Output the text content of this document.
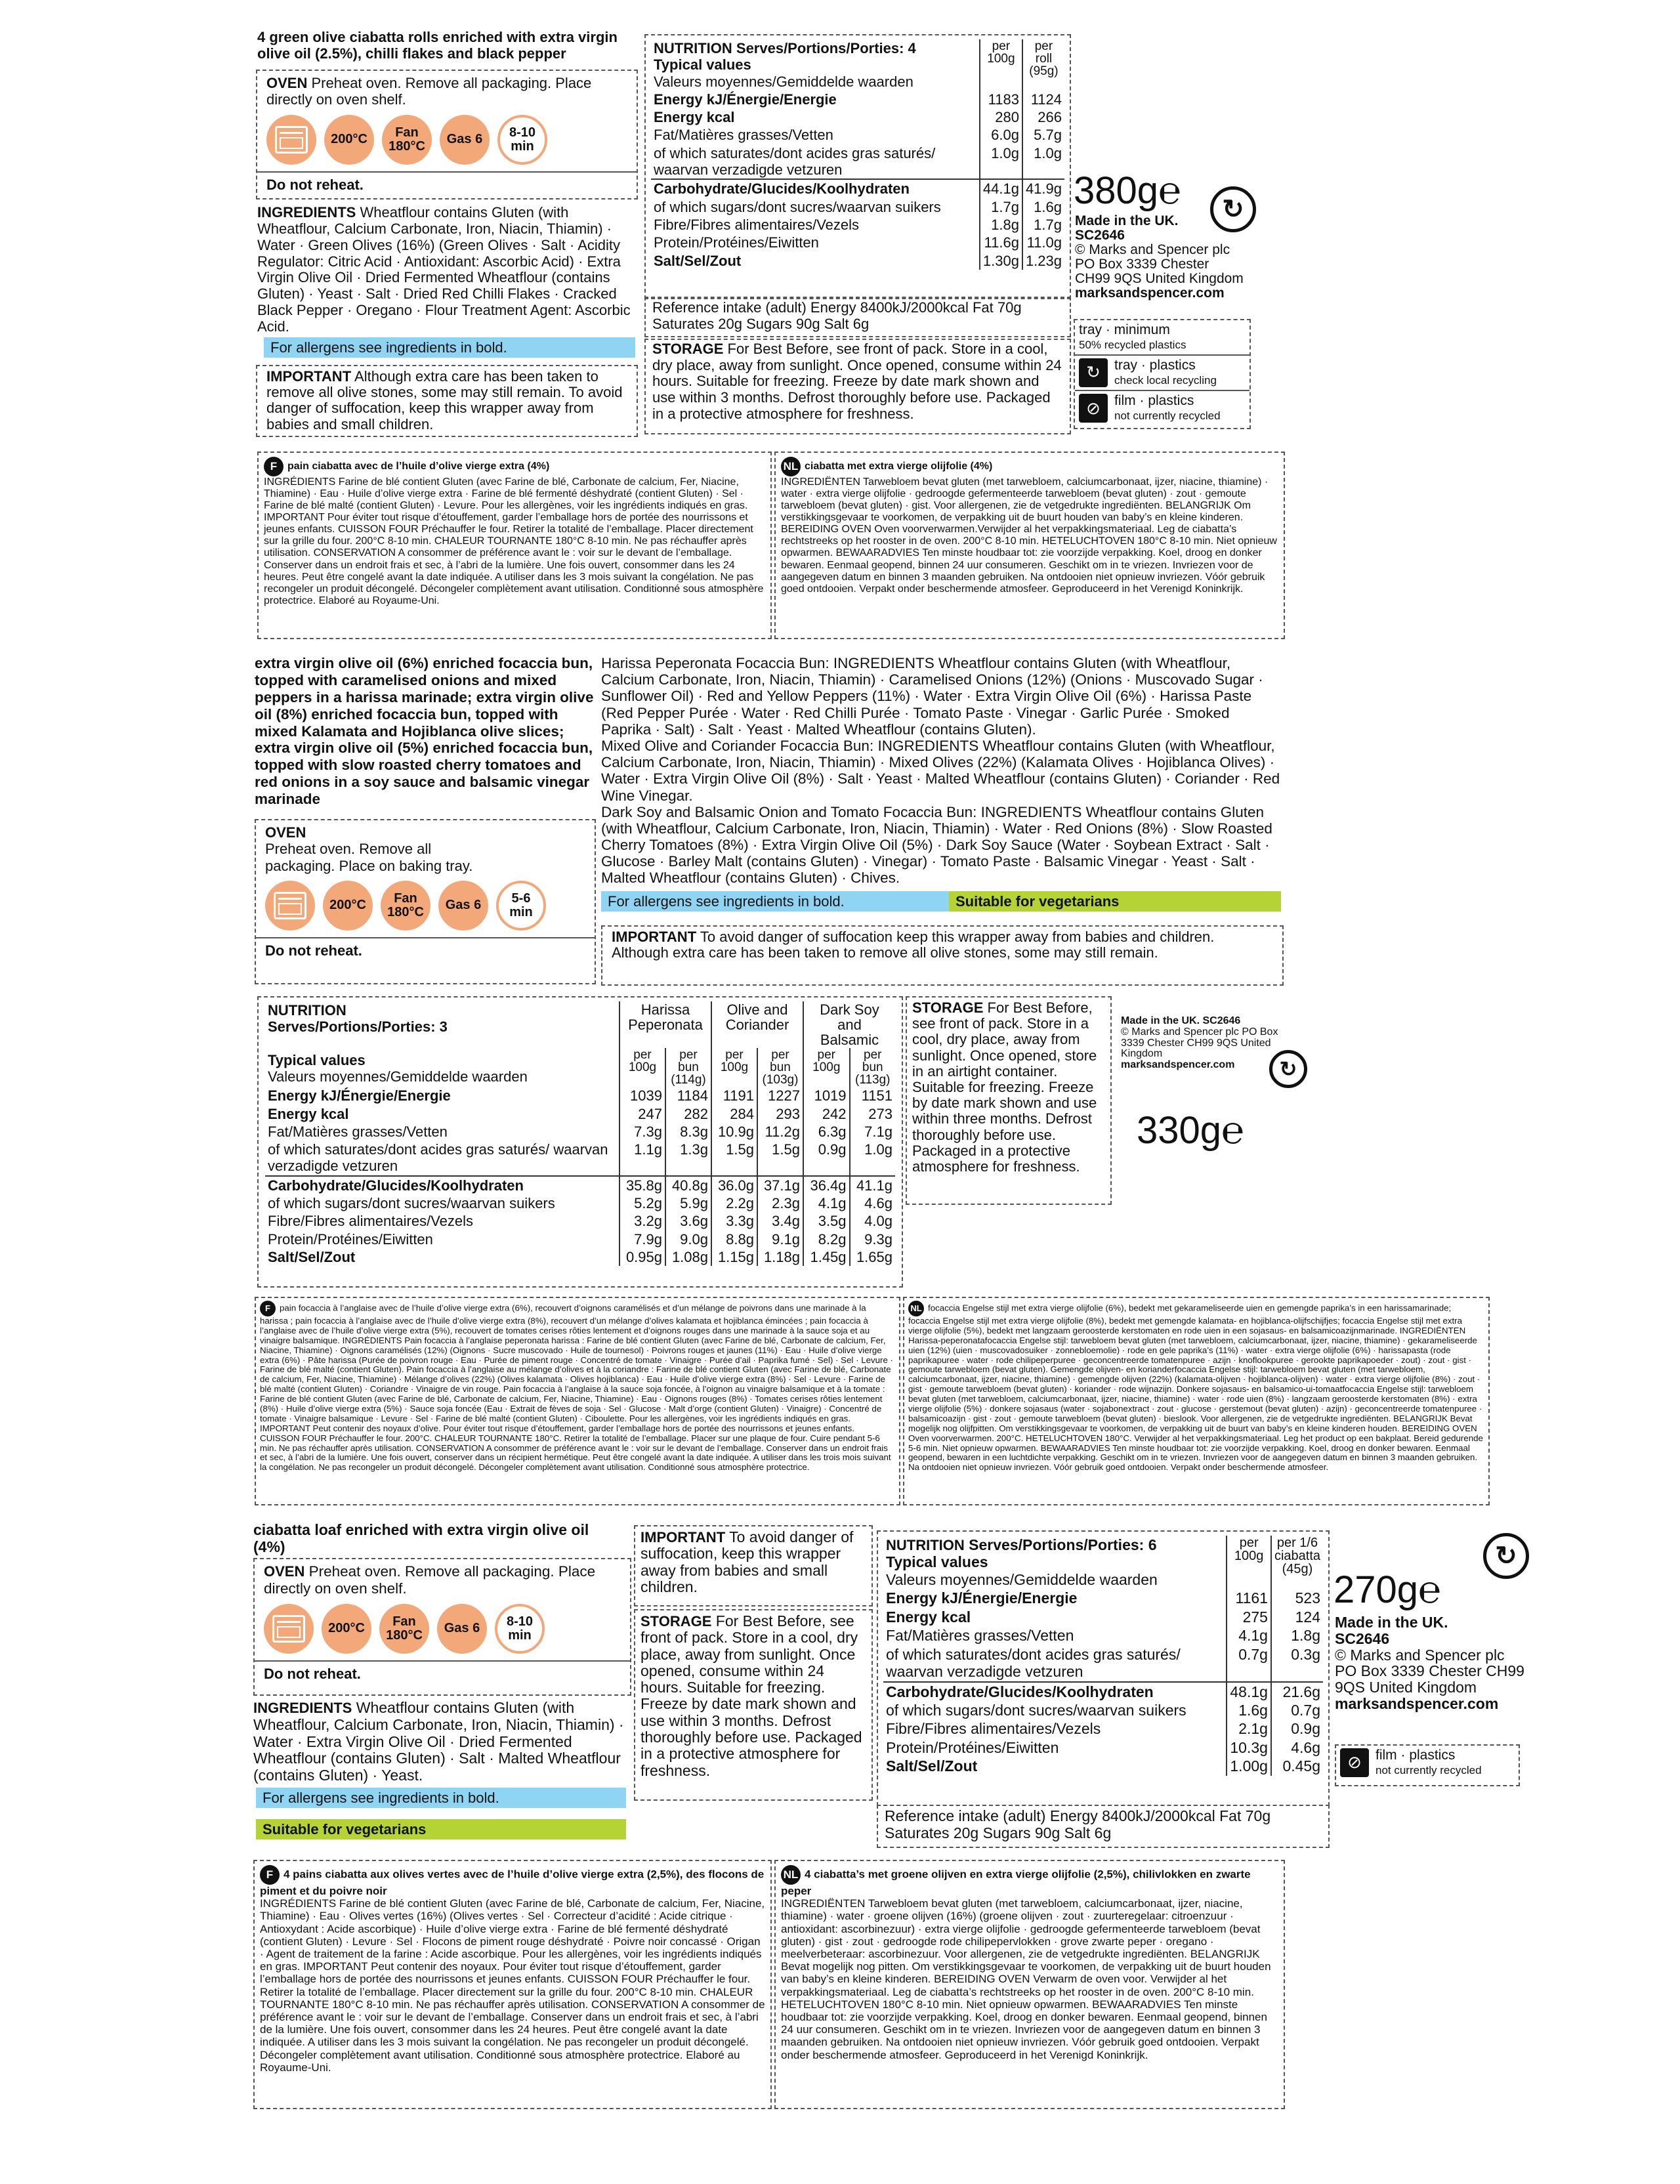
4 green olive ciabatta rolls enriched with extra virgin olive oil (2.5%), chilli flakes and black pepper
OVEN Preheat oven. Remove all packaging. Place directly on oven shelf.
200°C	Fan 180°C	Gas 6	8-10 min
Do not reheat.
INGREDIENTS Wheatflour contains Gluten (with Wheatflour, Calcium Carbonate, Iron, Niacin, Thiamin) · Water · Green Olives (16%) (Green Olives · Salt · Acidity Regulator: Citric Acid · Antioxidant: Ascorbic Acid) · Extra Virgin Olive Oil · Dried Fermented Wheatflour (contains Gluten) · Yeast · Salt · Dried Red Chilli Flakes · Cracked Black Pepper · Oregano · Flour Treatment Agent: Ascorbic Acid.
For allergens see ingredients in bold.
IMPORTANT Although extra care has been taken to remove all olive stones, some may still remain. To avoid danger of suffocation, keep this wrapper away from babies and small children.
NUTRITION Serves/Portions/Porties: 4
Typical values
Valeurs moyennes/Gemiddelde waarden	per 100g	per roll (95g)
Energy kJ/Énergie/Energie	1183	1124
Energy kcal	280	266
Fat/Matières grasses/Vetten	6.0g	5.7g
of which saturates/dont acides gras saturés/ waarvan verzadigde vetzuren	1.0g	1.0g
Carbohydrate/Glucides/Koolhydraten	44.1g	41.9g
of which sugars/dont sucres/waarvan suikers	1.7g	1.6g
Fibre/Fibres alimentaires/Vezels	1.8g	1.7g
Protein/Protéines/Eiwitten	11.6g	11.0g
Salt/Sel/Zout	1.30g	1.23g
Reference intake (adult) Energy 8400kJ/2000kcal Fat 70g Saturates 20g Sugars 90g Salt 6g
STORAGE For Best Before, see front of pack. Store in a cool, dry place, away from sunlight. Once opened, consume within 24 hours. Suitable for freezing. Freeze by date mark shown and use within 3 months. Defrost thoroughly before use. Packaged in a protective atmosphere for freshness.
380g℮	↻
Made in the UK.
SC2646
© Marks and Spencer plc PO Box 3339 Chester CH99 9QS United Kingdom
marksandspencer.com
tray · minimum
50% recycled plastics
↻	tray · plastics
check local recycling
⊘	film · plastics
not currently recycled
F pain ciabatta avec de l’huile d’olive vierge extra (4%)
INGRÉDIENTS Farine de blé contient Gluten (avec Farine de blé, Carbonate de calcium, Fer, Niacine, Thiamine) · Eau · Huile d’olive vierge extra · Farine de blé fermenté déshydraté (contient Gluten) · Sel · Farine de blé malté (contient Gluten) · Levure. Pour les allergènes, voir les ingrédients indiqués en gras. IMPORTANT Pour éviter tout risque d’étouffement, garder l’emballage hors de portée des nourrissons et jeunes enfants. CUISSON FOUR Préchauffer le four. Retirer la totalité de l’emballage. Placer directement sur la grille du four. 200°C 8-10 min. CHALEUR TOURNANTE 180°C 8-10 min. Ne pas réchauffer après utilisation. CONSERVATION A consommer de préférence avant le : voir sur le devant de l’emballage. Conserver dans un endroit frais et sec, à l’abri de la lumière. Une fois ouvert, consommer dans les 24 heures. Peut être congelé avant la date indiquée. A utiliser dans les 3 mois suivant la congélation. Ne pas recongeler un produit décongelé. Décongeler complètement avant utilisation. Conditionné sous atmosphère protectrice. Elaboré au Royaume-Uni.
NL ciabatta met extra vierge olijfolie (4%)
INGREDIËNTEN Tarwebloem bevat gluten (met tarwebloem, calciumcarbonaat, ijzer, niacine, thiamine) · water · extra vierge olijfolie · gedroogde gefermenteerde tarwebloem (bevat gluten) · zout · gemoute tarwebloem (bevat gluten) · gist. Voor allergenen, zie de vetgedrukte ingrediënten. BELANGRIJK Om verstikkingsgevaar te voorkomen, de verpakking uit de buurt houden van baby’s en kleine kinderen. BEREIDING OVEN Oven voorverwarmen.Verwijder al het verpakkingsmateriaal. Leg de ciabatta’s rechtstreeks op het rooster in de oven. 200°C 8-10 min. HETELUCHTOVEN 180°C 8-10 min. Niet opnieuw opwarmen. BEWAARADVIES Ten minste houdbaar tot: zie voorzijde verpakking. Koel, droog en donker bewaren. Eenmaal geopend, binnen 24 uur consumeren. Geschikt om in te vriezen. Invriezen voor de aangegeven datum en binnen 3 maanden gebruiken. Na ontdooien niet opnieuw invriezen. Vóór gebruik goed ontdooien. Verpakt onder beschermende atmosfeer. Geproduceerd in het Verenigd Koninkrijk.
extra virgin olive oil (6%) enriched focaccia bun, topped with caramelised onions and mixed peppers in a harissa marinade; extra virgin olive oil (8%) enriched focaccia bun, topped with mixed Kalamata and Hojiblanca olive slices; extra virgin olive oil (5%) enriched focaccia bun, topped with slow roasted cherry tomatoes and red onions in a soy sauce and balsamic vinegar marinade
OVEN
Preheat oven. Remove all packaging. Place on baking tray.
200°C	Fan 180°C	Gas 6	5-6 min
Do not reheat.
Harissa Peperonata Focaccia Bun: INGREDIENTS Wheatflour contains Gluten (with Wheatflour, Calcium Carbonate, Iron, Niacin, Thiamin) · Caramelised Onions (12%) (Onions · Muscovado Sugar · Sunflower Oil) · Red and Yellow Peppers (11%) · Water · Extra Virgin Olive Oil (6%) · Harissa Paste (Red Pepper Purée · Water · Red Chilli Purée · Tomato Paste · Vinegar · Garlic Purée · Smoked Paprika · Salt) · Salt · Yeast · Malted Wheatflour (contains Gluten).
Mixed Olive and Coriander Focaccia Bun: INGREDIENTS Wheatflour contains Gluten (with Wheatflour, Calcium Carbonate, Iron, Niacin, Thiamin) · Mixed Olives (22%) (Kalamata Olives · Hojiblanca Olives) · Water · Extra Virgin Olive Oil (8%) · Salt · Yeast · Malted Wheatflour (contains Gluten) · Coriander · Red Wine Vinegar.
Dark Soy and Balsamic Onion and Tomato Focaccia Bun: INGREDIENTS Wheatflour contains Gluten (with Wheatflour, Calcium Carbonate, Iron, Niacin, Thiamin) · Water · Red Onions (8%) · Slow Roasted Cherry Tomatoes (8%) · Extra Virgin Olive Oil (5%) · Dark Soy Sauce (Water · Soybean Extract · Salt · Glucose · Barley Malt (contains Gluten) · Vinegar) · Tomato Paste · Balsamic Vinegar · Yeast · Salt · Malted Wheatflour (contains Gluten) · Chives.
For allergens see ingredients in bold.	Suitable for vegetarians
IMPORTANT To avoid danger of suffocation keep this wrapper away from babies and children.
Although extra care has been taken to remove all olive stones, some may still remain.
NUTRITION
Serves/Portions/Porties: 3

Typical values
Valeurs moyennes/Gemiddelde waarden	Harissa Peperonata		Olive and Coriander		Dark Soy and Balsamic	
	per 100g	per bun (114g)	per 100g	per bun (103g)	per 100g	per bun (113g)
Energy kJ/Énergie/Energie	1039	1184	1191	1227	1019	1151
Energy kcal	247	282	284	293	242	273
Fat/Matières grasses/Vetten	7.3g	8.3g	10.9g	11.2g	6.3g	7.1g
of which saturates/dont acides gras saturés/ waarvan verzadigde vetzuren	1.1g	1.3g	1.5g	1.5g	0.9g	1.0g
Carbohydrate/Glucides/Koolhydraten	35.8g	40.8g	36.0g	37.1g	36.4g	41.1g
of which sugars/dont sucres/waarvan suikers	5.2g	5.9g	2.2g	2.3g	4.1g	4.6g
Fibre/Fibres alimentaires/Vezels	3.2g	3.6g	3.3g	3.4g	3.5g	4.0g
Protein/Protéines/Eiwitten	7.9g	9.0g	8.8g	9.1g	8.2g	9.3g
Salt/Sel/Zout	0.95g	1.08g	1.15g	1.18g	1.45g	1.65g
STORAGE For Best Before, see front of pack. Store in a cool, dry place, away from sunlight. Once opened, store in an airtight container. Suitable for freezing. Freeze by date mark shown and use within three months. Defrost thoroughly before use. Packaged in a protective atmosphere for freshness.
Made in the UK. SC2646
© Marks and Spencer plc PO Box 3339 Chester CH99 9QS United Kingdom
marksandspencer.com	↻
330g℮
F pain focaccia à l’anglaise avec de l’huile d’olive vierge extra (6%), recouvert d’oignons caramélisés et d’un mélange de poivrons dans une marinade à la harissa ; pain focaccia à l’anglaise avec de l’huile d’olive vierge extra (8%), recouvert d’un mélange d’olives kalamata et hojiblanca émincées ; pain focaccia à l’anglaise avec de l’huile d’olive vierge extra (5%), recouvert de tomates cerises rôties lentement et d’oignons rouges dans une marinade à la sauce soja et au vinaigre balsamique. INGRÉDIENTS Pain focaccia à l’anglaise peperonata harissa : Farine de blé contient Gluten (avec Farine de blé, Carbonate de calcium, Fer, Niacine, Thiamine) · Oignons caramélisés (12%) (Oignons · Sucre muscovado · Huile de tournesol) · Poivrons rouges et jaunes (11%) · Eau · Huile d’olive vierge extra (6%) · Pâte harissa (Purée de poivron rouge · Eau · Purée de piment rouge · Concentré de tomate · Vinaigre · Purée d’ail · Paprika fumé · Sel) · Sel · Levure · Farine de blé malté (contient Gluten). Pain focaccia à l’anglaise au mélange d’olives et à la coriandre : Farine de blé contient Gluten (avec Farine de blé, Carbonate de calcium, Fer, Niacine, Thiamine) · Mélange d’olives (22%) (Olives kalamata · Olives hojiblanca) · Eau · Huile d’olive vierge extra (8%) · Sel · Levure · Farine de blé malté (contient Gluten) · Coriandre · Vinaigre de vin rouge. Pain focaccia à l’anglaise à la sauce soja foncée, à l’oignon au vinaigre balsamique et à la tomate : Farine de blé contient Gluten (avec Farine de blé, Carbonate de calcium, Fer, Niacine, Thiamine) · Eau · Oignons rouges (8%) · Tomates cerises rôties lentement (8%) · Huile d’olive vierge extra (5%) · Sauce soja foncée (Eau · Extrait de fèves de soja · Sel · Glucose · Malt d’orge (contient Gluten) · Vinaigre) · Concentré de tomate · Vinaigre balsamique · Levure · Sel · Farine de blé malté (contient Gluten) · Ciboulette. Pour les allergènes, voir les ingrédients indiqués en gras. IMPORTANT Peut contenir des noyaux d’olive. Pour éviter tout risque d’étouffement, garder l’emballage hors de portée des nourrissons et jeunes enfants. CUISSON FOUR Préchauffer le four. 200°C. CHALEUR TOURNANTE 180°C. Retirer la totalité de l’emballage. Placer sur une plaque de four. Cuire pendant 5-6 min. Ne pas réchauffer après utilisation. CONSERVATION A consommer de préférence avant le : voir sur le devant de l’emballage. Conserver dans un endroit frais et sec, à l’abri de la lumière. Une fois ouvert, conserver dans un récipient hermétique. Peut être congelé avant la date indiquée. A utiliser dans les trois mois suivant la congélation. Ne pas recongeler un produit décongelé. Décongeler complètement avant utilisation. Conditionné sous atmosphère protectrice.
NL focaccia Engelse stijl met extra vierge olijfolie (6%), bedekt met gekarameliseerde uien en gemengde paprika’s in een harissamarinade; focaccia Engelse stijl met extra vierge olijfolie (8%), bedekt met gemengde kalamata- en hojiblanca-olijfschijfjes; focaccia Engelse stijl met extra vierge olijfolie (5%), bedekt met langzaam geroosterde kerstomaten en rode uien in een sojasaus- en balsamicoazijnmarinade. INGREDIËNTEN Harissa-peperonatafocaccia Engelse stijl: tarwebloem bevat gluten (met tarwebloem, calciumcarbonaat, ijzer, niacine, thiamine) · gekarameliseerde uien (12%) (uien · muscovadosuiker · zonnebloemolie) · rode en gele paprika’s (11%) · water · extra vierge olijfolie (6%) · harissapasta (rode paprikapuree · water · rode chilipeperpuree · geconcentreerde tomatenpuree · azijn · knoflookpuree · gerookte paprikapoeder · zout) · zout · gist · gemoute tarwebloem (bevat gluten). Gemengde olijven- en korianderfocaccia Engelse stijl: tarwebloem bevat gluten (met tarwebloem, calciumcarbonaat, ijzer, niacine, thiamine) · gemengde olijven (22%) (kalamata-olijven · hojiblanca-olijven) · water · extra vierge olijfolie (8%) · zout · gist · gemoute tarwebloem (bevat gluten) · koriander · rode wijnazijn. Donkere sojasaus- en balsamico-ui-tomaatfocaccia Engelse stijl: tarwebloem bevat gluten (met tarwebloem, calciumcarbonaat, ijzer, niacine, thiamine) · water · rode uien (8%) · langzaam geroosterde kerstomaten (8%) · extra vierge olijfolie (5%) · donkere sojasaus (water · sojabonextract · zout · glucose · gerstemout (bevat gluten) · azijn) · geconcentreerde tomatenpuree · balsamicoazijn · gist · zout · gemoute tarwebloem (bevat gluten) · bieslook. Voor allergenen, zie de vetgedrukte ingrediënten. BELANGRIJK Bevat mogelijk nog olijfpitten. Om verstikkingsgevaar te voorkomen, de verpakking uit de buurt van baby’s en kleine kinderen houden. BEREIDING OVEN Oven voorverwarmen. 200°C. HETELUCHTOVEN 180°C. Verwijder al het verpakkingsmateriaal. Leg het product op een bakplaat. Bereid gedurende 5-6 min. Niet opnieuw opwarmen. BEWAARADVIES Ten minste houdbaar tot: zie voorzijde verpakking. Koel, droog en donker bewaren. Eenmaal geopend, bewaren in een luchtdichte verpakking. Geschikt om in te vriezen. Invriezen voor de aangegeven datum en binnen 3 maanden gebruiken. Na ontdooien niet opnieuw invriezen. Vóór gebruik goed ontdooien. Verpakt onder beschermende atmosfeer.
ciabatta loaf enriched with extra virgin olive oil (4%)
OVEN Preheat oven. Remove all packaging. Place directly on oven shelf.
200°C	Fan 180°C	Gas 6	8-10 min
Do not reheat.
INGREDIENTS Wheatflour contains Gluten (with Wheatflour, Calcium Carbonate, Iron, Niacin, Thiamin) · Water · Extra Virgin Olive Oil · Dried Fermented Wheatflour (contains Gluten) · Salt · Malted Wheatflour (contains Gluten) · Yeast.
For allergens see ingredients in bold.
Suitable for vegetarians
IMPORTANT To avoid danger of suffocation, keep this wrapper away from babies and small children.
STORAGE For Best Before, see front of pack. Store in a cool, dry place, away from sunlight. Once opened, consume within 24 hours. Suitable for freezing. Freeze by date mark shown and use within 3 months. Defrost thoroughly before use. Packaged in a protective atmosphere for freshness.
NUTRITION Serves/Portions/Porties: 6
Typical values
Valeurs moyennes/Gemiddelde waarden	per 100g	per 1/6 ciabatta (45g)
Energy kJ/Énergie/Energie	1161	523
Energy kcal	275	124
Fat/Matières grasses/Vetten	4.1g	1.8g
of which saturates/dont acides gras saturés/ waarvan verzadigde vetzuren	0.7g	0.3g
Carbohydrate/Glucides/Koolhydraten	48.1g	21.6g
of which sugars/dont sucres/waarvan suikers	1.6g	0.7g
Fibre/Fibres alimentaires/Vezels	2.1g	0.9g
Protein/Protéines/Eiwitten	10.3g	4.6g
Salt/Sel/Zout	1.00g	0.45g
Reference intake (adult) Energy 8400kJ/2000kcal Fat 70g Saturates 20g Sugars 90g Salt 6g
↻
270g℮
Made in the UK.
SC2646
© Marks and Spencer plc PO Box 3339 Chester CH99 9QS United Kingdom
marksandspencer.com
⊘	film · plastics
not currently recycled
F 4 pains ciabatta aux olives vertes avec de l’huile d’olive vierge extra (2,5%), des flocons de piment et du poivre noir
INGRÉDIENTS Farine de blé contient Gluten (avec Farine de blé, Carbonate de calcium, Fer, Niacine, Thiamine) · Eau · Olives vertes (16%) (Olives vertes · Sel · Correcteur d’acidité : Acide citrique · Antioxydant : Acide ascorbique) · Huile d’olive vierge extra · Farine de blé fermenté déshydraté (contient Gluten) · Levure · Sel · Flocons de piment rouge déshydraté · Poivre noir concassé · Origan · Agent de traitement de la farine : Acide ascorbique. Pour les allergènes, voir les ingrédients indiqués en gras. IMPORTANT Peut contenir des noyaux. Pour éviter tout risque d’étouffement, garder l’emballage hors de portée des nourrissons et jeunes enfants. CUISSON FOUR Préchauffer le four. Retirer la totalité de l’emballage. Placer directement sur la grille du four. 200°C 8-10 min. CHALEUR TOURNANTE 180°C 8-10 min. Ne pas réchauffer après utilisation. CONSERVATION A consommer de préférence avant le : voir sur le devant de l’emballage. Conserver dans un endroit frais et sec, à l’abri de la lumière. Une fois ouvert, consommer dans les 24 heures. Peut être congelé avant la date indiquée. A utiliser dans les 3 mois suivant la congélation. Ne pas recongeler un produit décongelé. Décongeler complètement avant utilisation. Conditionné sous atmosphère protectrice. Elaboré au Royaume-Uni.
NL 4 ciabatta’s met groene olijven en extra vierge olijfolie (2,5%), chilivlokken en zwarte peper
INGREDIËNTEN Tarwebloem bevat gluten (met tarwebloem, calciumcarbonaat, ijzer, niacine, thiamine) · water · groene olijven (16%) (groene olijven · zout · zuurteregelaar: citroenzuur · antioxidant: ascorbinezuur) · extra vierge olijfolie · gedroogde gefermenteerde tarwebloem (bevat gluten) · gist · zout · gedroogde rode chilipepervlokken · grove zwarte peper · oregano · meelverbeteraar: ascorbinezuur. Voor allergenen, zie de vetgedrukte ingrediënten. BELANGRIJK Bevat mogelijk nog pitten. Om verstikkingsgevaar te voorkomen, de verpakking uit de buurt houden van baby’s en kleine kinderen. BEREIDING OVEN Verwarm de oven voor. Verwijder al het verpakkingsmateriaal. Leg de ciabatta’s rechtstreeks op het rooster in de oven. 200°C 8-10 min. HETELUCHTOVEN 180°C 8-10 min. Niet opnieuw opwarmen. BEWAARADVIES Ten minste houdbaar tot: zie voorzijde verpakking. Koel, droog en donker bewaren. Eenmaal geopend, binnen 24 uur consumeren. Geschikt om in te vriezen. Invriezen voor de aangegeven datum en binnen 3 maanden gebruiken. Na ontdooien niet opnieuw invriezen. Vóór gebruik goed ontdooien. Verpakt onder beschermende atmosfeer. Geproduceerd in het Verenigd Koninkrijk.
